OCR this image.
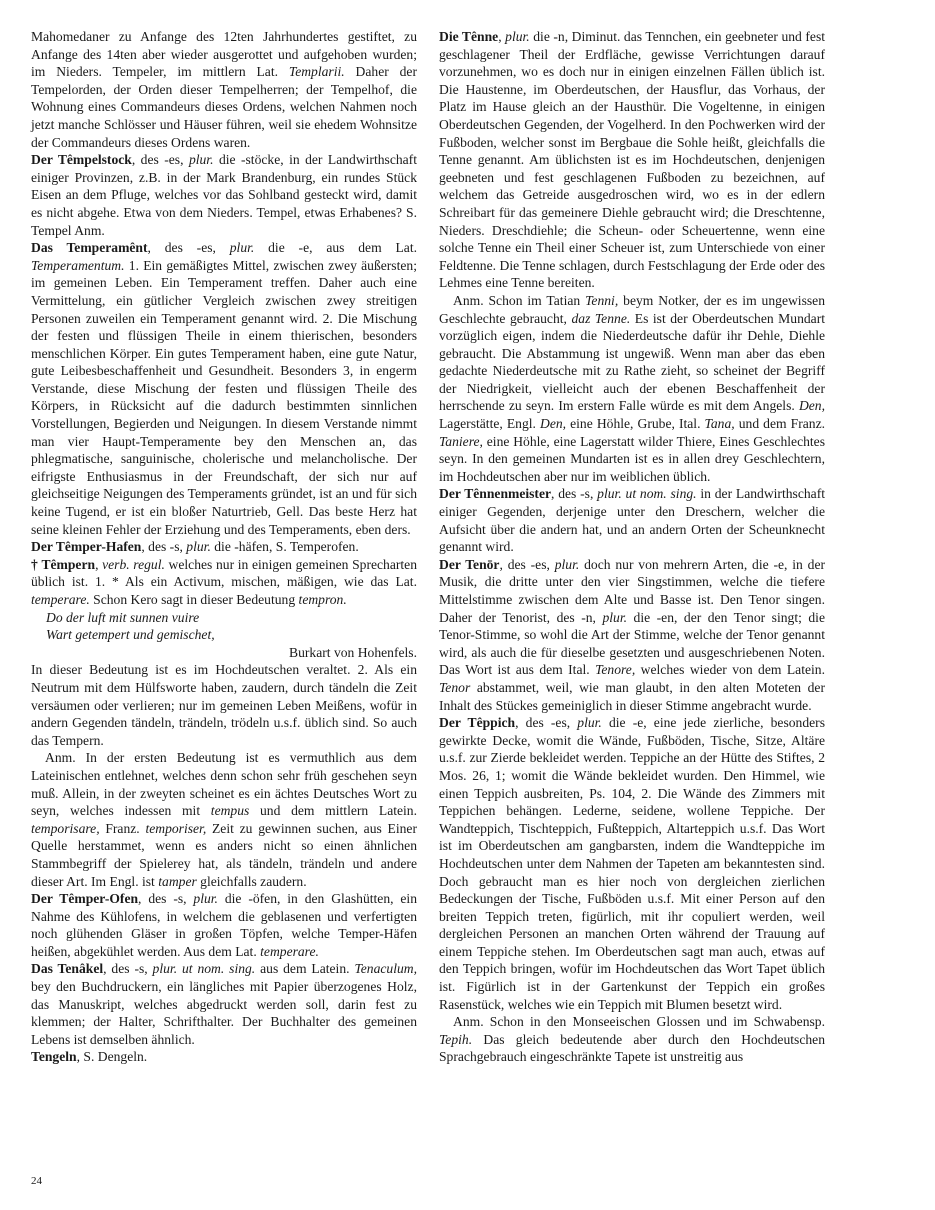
Mahomedaner zu Anfange des 12ten Jahrhundertes gestiftet, zu Anfange des 14ten aber wieder ausgerottet und aufgehoben wurden; im Nieders. Tempeler, im mittlern Lat. Templarii. Daher der Tempelorden, der Orden dieser Tempelherren; der Tempelhof, die Wohnung eines Commandeurs dieses Ordens, welchen Nahmen noch jetzt manche Schlösser und Häuser führen, weil sie ehedem Wohnsitze der Commandeurs dieses Ordens waren.

Der Têmpelstock, des -es, plur. die -stöcke, in der Landwirthschaft einiger Provinzen, z.B. in der Mark Brandenburg, ein rundes Stück Eisen an dem Pfluge, welches vor das Sohlband gesteckt wird, damit es nicht abgehe. Etwa von dem Nieders. Tempel, etwas Erhabenes? S. Tempel Anm.

Das Temperamênt, des -es, plur. die -e, aus dem Lat. Temperamentum. 1. Ein gemäßigtes Mittel, zwischen zwey äußersten; im gemeinen Leben. Ein Temperament treffen. Daher auch eine Vermittelung, ein gütlicher Vergleich zwischen zwey streitigen Personen zuweilen ein Temperament genannt wird. 2. Die Mischung der festen und flüssigen Theile in einem thierischen, besonders menschlichen Körper. Ein gutes Temperament haben, eine gute Natur, gute Leibesbeschaffenheit und Gesundheit. Besonders 3, in engerm Verstande, diese Mischung der festen und flüssigen Theile des Körpers, in Rücksicht auf die dadurch bestimmten sinnlichen Vorstellungen, Begierden und Neigungen. In diesem Verstande nimmt man vier Haupt-Temperamente bey den Menschen an, das phlegmatische, sanguinische, cholerische und melancholische. Der eifrigste Enthusiasmus in der Freundschaft, der sich nur auf gleichseitige Neigungen des Temperaments gründet, ist an und für sich keine Tugend, er ist ein bloßer Naturtrieb, Gell. Das beste Herz hat seine kleinen Fehler der Erziehung und des Temperaments, eben ders.

Der Têmper-Hafen, des -s, plur. die -häfen, S. Temperofen.

† Têmpern, verb. regul. welches nur in einigen gemeinen Sprecharten üblich ist. 1. * Als ein Activum, mischen, mäßigen, wie das Lat. temperare. Schon Kero sagt in dieser Bedeutung tempron.

Do der luft mit sunnen vuire

Wart getempert und gemischet,

Burkart von Hohenfels.

In dieser Bedeutung ist es im Hochdeutschen veraltet. 2. Als ein Neutrum mit dem Hülfsworte haben, zaudern, durch tändeln die Zeit versäumen oder verlieren; nur im gemeinen Leben Meißens, wofür in andern Gegenden tändeln, trändeln, trödeln u.s.f. üblich sind. So auch das Tempern.

Anm. In der ersten Bedeutung ist es vermuthlich aus dem Lateinischen entlehnet, welches denn schon sehr früh geschehen seyn muß. Allein, in der zweyten scheinet es ein ächtes Deutsches Wort zu seyn, welches indessen mit tempus und dem mittlern Latein. temporisare, Franz. temporiser, Zeit zu gewinnen suchen, aus Einer Quelle herstammet, wenn es anders nicht so einen ähnlichen Stammbegriff der Spielerey hat, als tändeln, trändeln und andere dieser Art. Im Engl. ist tamper gleichfalls zaudern.

Der Têmper-Ofen, des -s, plur. die -öfen, in den Glashütten, ein Nahme des Kühlofens, in welchem die geblasenen und verfertigten noch glühenden Gläser in großen Töpfen, welche Temper-Häfen heißen, abgekühlet werden. Aus dem Lat. temperare.

Das Tenâkel, des -s, plur. ut nom. sing. aus dem Latein. Tenaculum, bey den Buchdruckern, ein längliches mit Papier überzogenes Holz, das Manuskript, welches abgedruckt werden soll, darin fest zu klemmen; der Halter, Schrifthalter. Der Buchhalter des gemeinen Lebens ist demselben ähnlich.

Tengeln, S. Dengeln.

Die Tênne, plur. die -n, Diminut. das Tennchen, ein geebneter und fest geschlagener Theil der Erdfläche, gewisse Verrichtungen darauf vorzunehmen, wo es doch nur in einigen einzelnen Fällen üblich ist. Die Haustenne, im Oberdeutschen, der Hausflur, das Vorhaus, der Platz im Hause gleich an der Hausthür. Die Vogeltenne, in einigen Oberdeutschen Gegenden, der Vogelherd. In den Pochwerken wird der Fußboden, welcher sonst im Bergbaue die Sohle heißt, gleichfalls die Tenne genannt. Am üblichsten ist es im Hochdeutschen, denjenigen geebneten und fest geschlagenen Fußboden zu bezeichnen, auf welchem das Getreide ausgedroschen wird, wo es in der edlern Schreibart für das gemeinere Diehle gebraucht wird; die Dreschtenne, Nieders. Dreschdiehle; die Scheun- oder Scheuertenne, wenn eine solche Tenne ein Theil einer Scheuer ist, zum Unterschiede von einer Feldtenne. Die Tenne schlagen, durch Festschlagung der Erde oder des Lehmes eine Tenne bereiten.

Anm. Schon im Tatian Tenni, beym Notker, der es im ungewissen Geschlechte gebraucht, daz Tenne. Es ist der Oberdeutschen Mundart vorzüglich eigen, indem die Niederdeutsche dafür ihr Dehle, Diehle gebraucht. Die Abstammung ist ungewiß. Wenn man aber das eben gedachte Niederdeutsche mit zu Rathe zieht, so scheinet der Begriff der Niedrigkeit, vielleicht auch der ebenen Beschaffenheit der herrschende zu seyn. Im erstern Falle würde es mit dem Angels. Den, Lagerstätte, Engl. Den, eine Höhle, Grube, Ital. Tana, und dem Franz. Taniere, eine Höhle, eine Lagerstatt wilder Thiere, Eines Geschlechtes seyn. In den gemeinen Mundarten ist es in allen drey Geschlechtern, im Hochdeutschen aber nur im weiblichen üblich.

Der Tênnenmeister, des -s, plur. ut nom. sing. in der Landwirthschaft einiger Gegenden, derjenige unter den Dreschern, welcher die Aufsicht über die andern hat, und an andern Orten der Scheunknecht genannt wird.

Der Tenōr, des -es, plur. doch nur von mehrern Arten, die -e, in der Musik, die dritte unter den vier Singstimmen, welche die tiefere Mittelstimme zwischen dem Alte und Basse ist. Den Tenor singen. Daher der Tenorist, des -n, plur. die -en, der den Tenor singt; die Tenor-Stimme, so wohl die Art der Stimme, welche der Tenor genannt wird, als auch die für dieselbe gesetzten und ausgeschriebenen Noten. Das Wort ist aus dem Ital. Tenore, welches wieder von dem Latein. Tenor abstammet, weil, wie man glaubt, in den alten Moteten der Inhalt des Stückes gemeiniglich in dieser Stimme angebracht wurde.

Der Têppich, des -es, plur. die -e, eine jede zierliche, besonders gewirkte Decke, womit die Wände, Fußböden, Tische, Sitze, Altäre u.s.f. zur Zierde bekleidet werden. Teppiche an der Hütte des Stiftes, 2 Mos. 26, 1; womit die Wände bekleidet wurden. Den Himmel, wie einen Teppich ausbreiten, Ps. 104, 2. Die Wände des Zimmers mit Teppichen behängen. Lederne, seidene, wollene Teppiche. Der Wandteppich, Tischteppich, Fußteppich, Altarteppich u.s.f. Das Wort ist im Oberdeutschen am gangbarsten, indem die Wandteppiche im Hochdeutschen unter dem Nahmen der Tapeten am bekanntesten sind. Doch gebraucht man es hier noch von dergleichen zierlichen Bedeckungen der Tische, Fußböden u.s.f. Mit einer Person auf den breiten Teppich treten, figürlich, mit ihr copuliert werden, weil dergleichen Personen an manchen Orten während der Trauung auf einem Teppiche stehen. Im Oberdeutschen sagt man auch, etwas auf den Teppich bringen, wofür im Hochdeutschen das Wort Tapet üblich ist. Figürlich ist in der Gartenkunst der Teppich ein großes Rasenstück, welches wie ein Teppich mit Blumen besetzt wird.

Anm. Schon in den Monseeischen Glossen und im Schwabensp. Tepih. Das gleich bedeutende aber durch den Hochdeutschen Sprachgebrauch eingeschränkte Tapete ist unstreitig aus

24
